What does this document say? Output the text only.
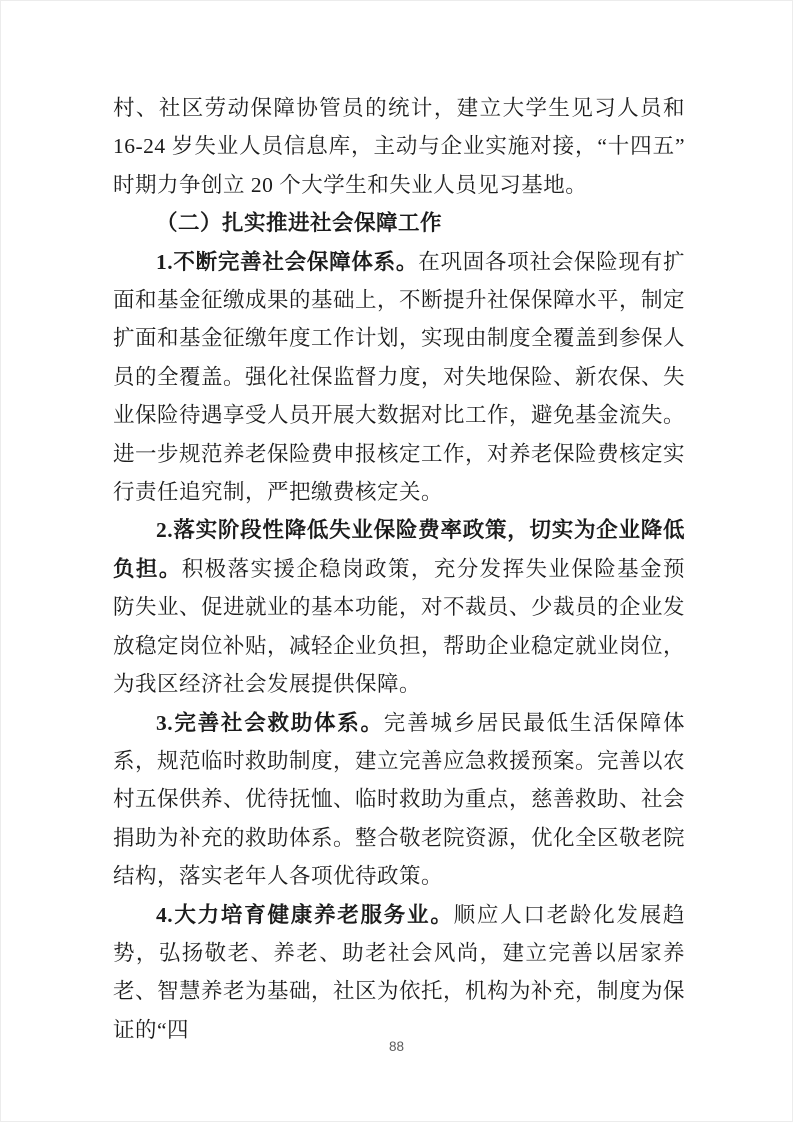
村、社区劳动保障协管员的统计，建立大学生见习人员和 16-24 岁失业人员信息库，主动与企业实施对接，“十四五”时期力争创立 20 个大学生和失业人员见习基地。

（二）扎实推进社会保障工作

1.不断完善社会保障体系。在巩固各项社会保险现有扩面和基金征缴成果的基础上，不断提升社保保障水平，制定扩面和基金征缴年度工作计划，实现由制度全覆盖到参保人员的全覆盖。强化社保监督力度，对失地保险、新农保、失业保险待遇享受人员开展大数据对比工作，避免基金流失。进一步规范养老保险费申报核定工作，对养老保险费核定实行责任追究制，严把缴费核定关。

2.落实阶段性降低失业保险费率政策，切实为企业降低负担。积极落实援企稳岗政策，充分发挥失业保险基金预防失业、促进就业的基本功能，对不裁员、少裁员的企业发放稳定岗位补贴，减轻企业负担，帮助企业稳定就业岗位，为我区经济社会发展提供保障。

3.完善社会救助体系。完善城乡居民最低生活保障体系，规范临时救助制度，建立完善应急救援预案。完善以农村五保供养、优待抚恤、临时救助为重点，慈善救助、社会捐助为补充的救助体系。整合敬老院资源，优化全区敬老院结构，落实老年人各项优待政策。

4.大力培育健康养老服务业。顺应人口老龄化发展趋势，弘扬敬老、养老、助老社会风尚，建立完善以居家养老、智慧养老为基础，社区为依托，机构为补充，制度为保证的“四

88
